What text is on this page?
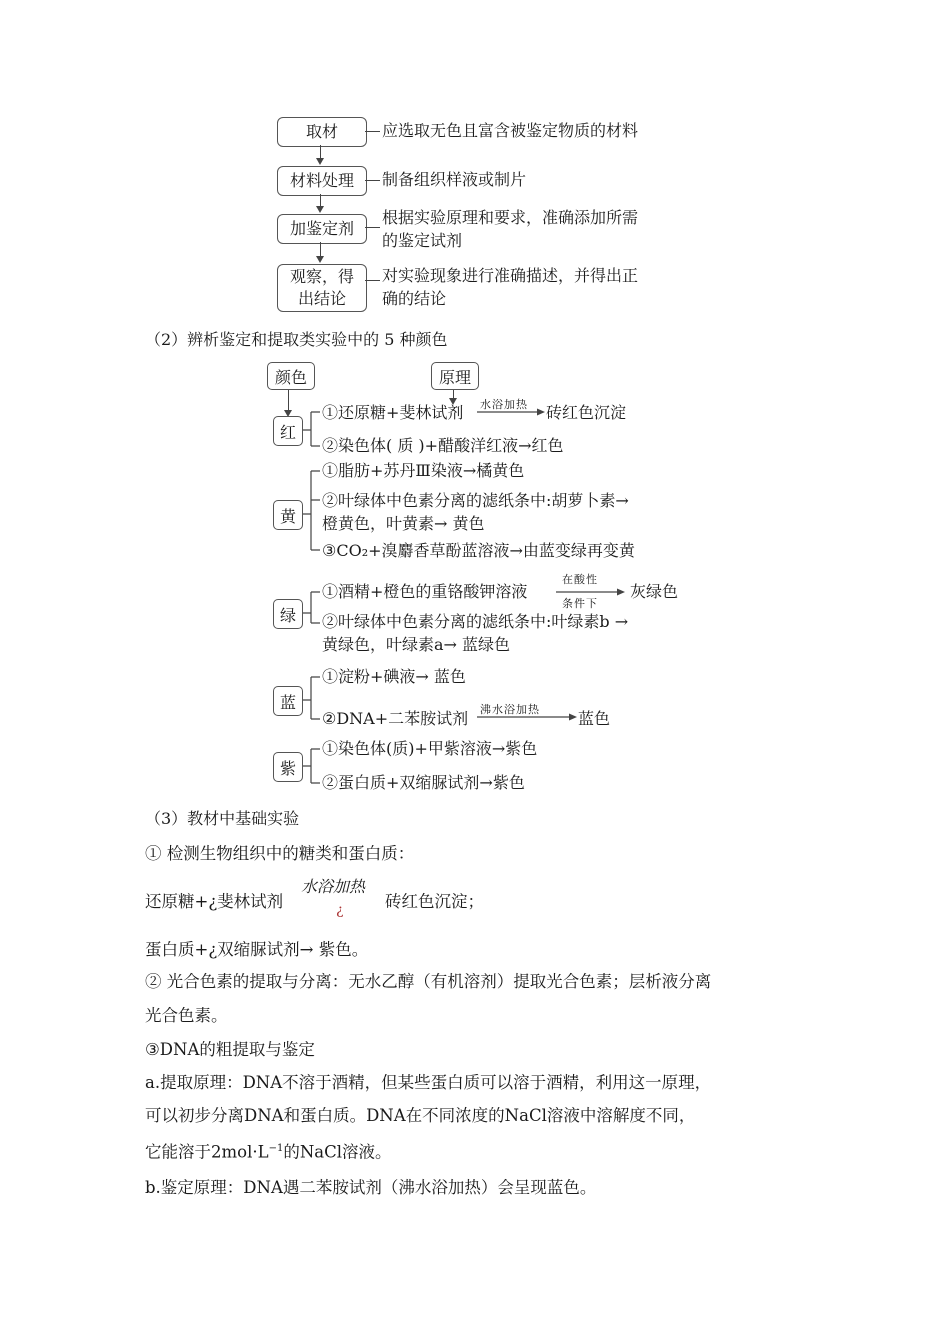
取材
材料处理
加鉴定剂
观察，得
出结论
应选取无色且富含被鉴定物质的材料
制备组织样液或制片
根据实验原理和要求，准确添加所需
的鉴定试剂
对实验现象进行准确描述，并得出正
确的结论
（2）辨析鉴定和提取类实验中的 5 种颜色
颜色	原理
红
黄
绿
蓝
紫
①还原糖+斐林试剂 水浴加热 砖红色沉淀
②染色体( 质 )+醋酸洋红液→红色
①脂肪+苏丹Ⅲ染液→橘黄色
②叶绿体中色素分离的滤纸条中:胡萝卜素→
橙黄色，叶黄素→ 黄色
③CO₂+溴麝香草酚蓝溶液→由蓝变绿再变黄
①酒精+橙色的重铬酸钾溶液
在酸性
条件下
灰绿色
②叶绿体中色素分离的滤纸条中:叶绿素b →
黄绿色，叶绿素a→ 蓝绿色
①淀粉+碘液→ 蓝色
②DNA+二苯胺试剂 沸水浴加热 蓝色
①染色体(质)+甲紫溶液→紫色
②蛋白质+双缩脲试剂→紫色
（3）教材中基础实验
① 检测生物组织中的糖类和蛋白质：
还原糖+¿斐林试剂
水浴加热
¿	砖红色沉淀；
蛋白质+¿双缩脲试剂→ 紫色。
② 光合色素的提取与分离：无水乙醇（有机溶剂）提取光合色素；层析液分离
光合色素。
③DNA的粗提取与鉴定
a.提取原理：DNA不溶于酒精，但某些蛋白质可以溶于酒精，利用这一原理，
可以初步分离DNA和蛋白质。DNA在不同浓度的NaCl溶液中溶解度不同，
它能溶于$2mol\cdot L^{-1}$的NaCl溶液。
b.鉴定原理：DNA遇二苯胺试剂（沸水浴加热）会呈现蓝色。
